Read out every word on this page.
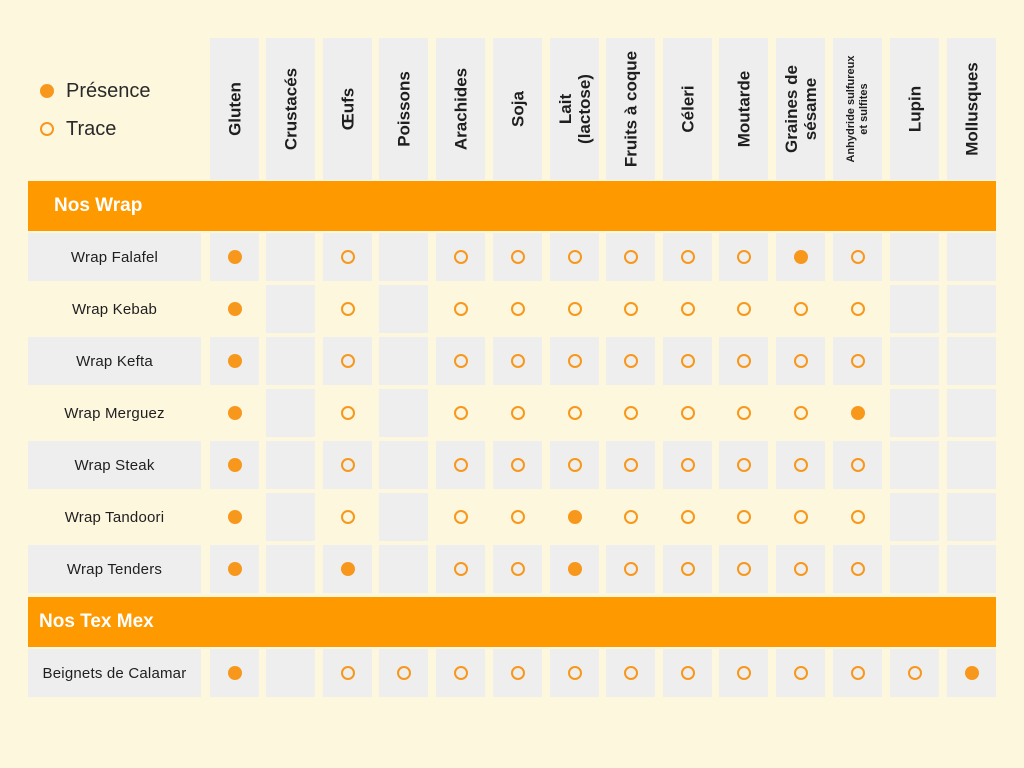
Présence
Trace	Gluten Crustacés Œufs Poissons Arachides Soja Lait
(lactose) Fruits à coque Céleri Moutarde Graines de
sésame Anhydride sulfureux
et sulfites Lupin Mollusques
Nos Wrap
Wrap Falafel
Wrap Kebab
Wrap Kefta
Wrap Merguez
Wrap Steak
Wrap Tandoori
Wrap Tenders
Nos Tex Mex
Beignets de Calamar
